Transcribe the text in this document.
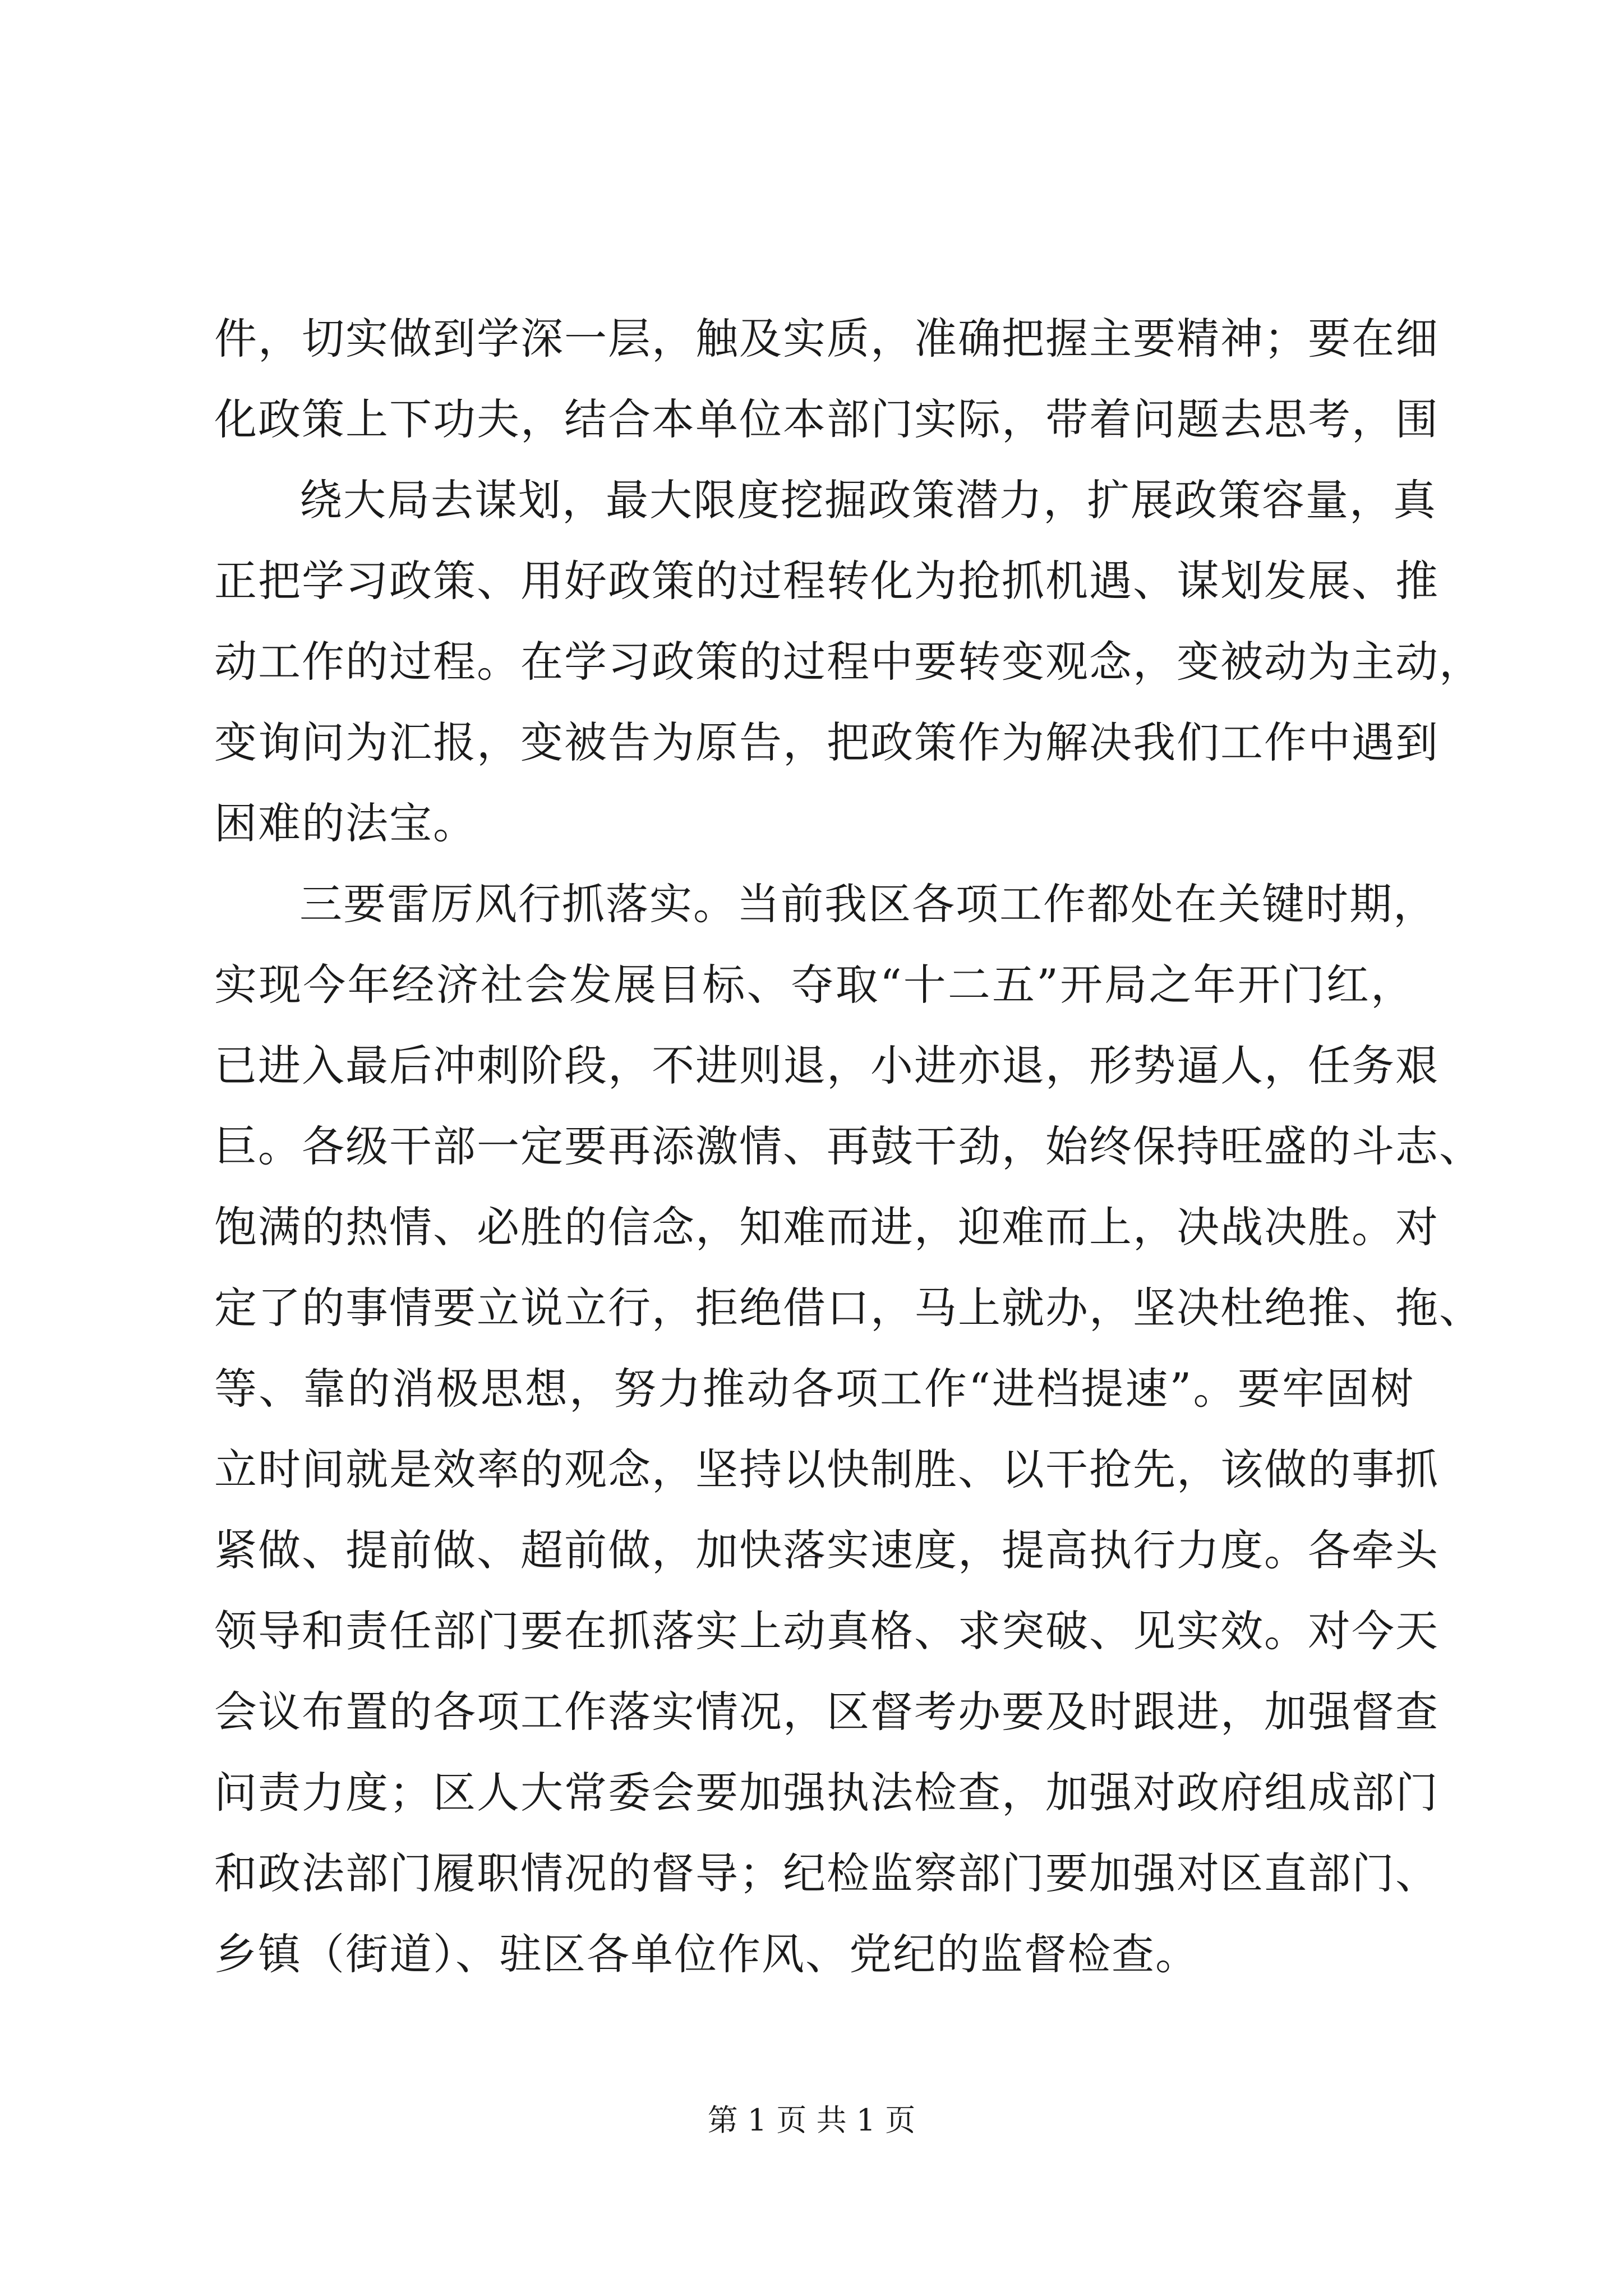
件，切实做到学深一层，触及实质，准确把握主要精神；要在细
化政策上下功夫，结合本单位本部门实际，带着问题去思考，围
绕大局去谋划，最大限度挖掘政策潜力，扩展政策容量，真
正把学习政策、用好政策的过程转化为抢抓机遇、谋划发展、推
动工作的过程。在学习政策的过程中要转变观念，变被动为主动，
变询问为汇报，变被告为原告，把政策作为解决我们工作中遇到
困难的法宝。
三要雷厉风行抓落实。当前我区各项工作都处在关键时期，
实现今年经济社会发展目标、夺取“十二五”开局之年开门红，
已进入最后冲刺阶段，不进则退，小进亦退，形势逼人，任务艰
巨。各级干部一定要再添激情、再鼓干劲，始终保持旺盛的斗志、
饱满的热情、必胜的信念，知难而进，迎难而上，决战决胜。对
定了的事情要立说立行，拒绝借口，马上就办，坚决杜绝推、拖、
等、靠的消极思想，努力推动各项工作“进档提速”。要牢固树
立时间就是效率的观念，坚持以快制胜、以干抢先，该做的事抓
紧做、提前做、超前做，加快落实速度，提高执行力度。各牵头
领导和责任部门要在抓落实上动真格、求突破、见实效。对今天
会议布置的各项工作落实情况，区督考办要及时跟进，加强督查
问责力度；区人大常委会要加强执法检查，加强对政府组成部门
和政法部门履职情况的督导；纪检监察部门要加强对区直部门、
乡镇（街道）、驻区各单位作风、党纪的监督检查。
第 1 页 共 1 页
